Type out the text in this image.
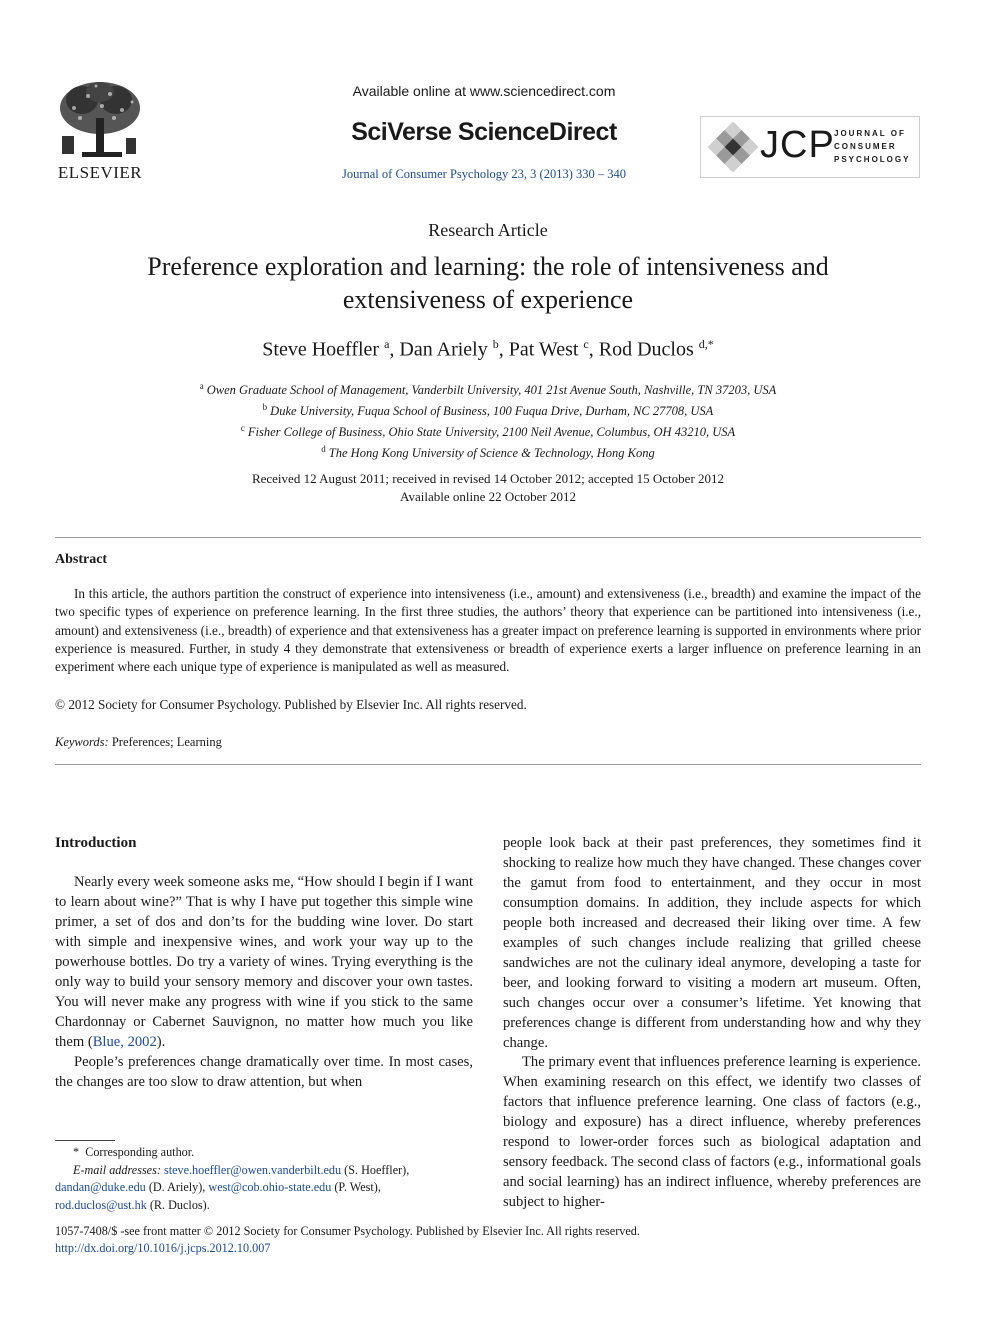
ELSEVIER
Available online at www.sciencedirect.com
SciVerse ScienceDirect
Journal of Consumer Psychology 23, 3 (2013) 330 – 340
JCP JOURNAL OF
CONSUMER
PSYCHOLOGY
Research Article
Preference exploration and learning: the role of intensiveness and extensiveness of experience
Steve Hoeffler $^a$, Dan Ariely $^b$, Pat West $^c$, Rod Duclos $^{d,*}$
$^a$ Owen Graduate School of Management, Vanderbilt University, 401 21st Avenue South, Nashville, TN 37203, USA
$^b$ Duke University, Fuqua School of Business, 100 Fuqua Drive, Durham, NC 27708, USA
$^c$ Fisher College of Business, Ohio State University, 2100 Neil Avenue, Columbus, OH 43210, USA
$^d$ The Hong Kong University of Science & Technology, Hong Kong
Received 12 August 2011; received in revised 14 October 2012; accepted 15 October 2012
Available online 22 October 2012
Abstract
In this article, the authors partition the construct of experience into intensiveness (i.e., amount) and extensiveness (i.e., breadth) and examine the impact of the two specific types of experience on preference learning. In the first three studies, the authors’ theory that experience can be partitioned into intensiveness (i.e., amount) and extensiveness (i.e., breadth) of experience and that extensiveness has a greater impact on preference learning is supported in environments where prior experience is measured. Further, in study 4 they demonstrate that extensiveness or breadth of experience exerts a larger influence on preference learning in an experiment where each unique type of experience is manipulated as well as measured.
© 2012 Society for Consumer Psychology. Published by Elsevier Inc. All rights reserved.
Keywords: Preferences; Learning
Introduction

Nearly every week someone asks me, “How should I begin if I want to learn about wine?” That is why I have put together this simple wine primer, a set of dos and don’ts for the budding wine lover. Do start with simple and inexpensive wines, and work your way up to the powerhouse bottles. Do try a variety of wines. Trying everything is the only way to build your sensory memory and discover your own tastes. You will never make any progress with wine if you stick to the same Chardonnay or Cabernet Sauvignon, no matter how much you like them (Blue, 2002).

People’s preferences change dramatically over time. In most cases, the changes are too slow to draw attention, but when

people look back at their past preferences, they sometimes find it shocking to realize how much they have changed. These changes cover the gamut from food to entertainment, and they occur in most consumption domains. In addition, they include aspects for which people both increased and decreased their liking over time. A few examples of such changes include realizing that grilled cheese sandwiches are not the culinary ideal anymore, developing a taste for beer, and looking forward to visiting a modern art museum. Often, such changes occur over a consumer’s lifetime. Yet knowing that preferences change is different from understanding how and why they change.

The primary event that influences preference learning is experience. When examining research on this effect, we identify two classes of factors that influence preference learning. One class of factors (e.g., biology and exposure) has a direct influence, whereby preferences respond to lower-order forces such as biological adaptation and sensory feedback. The second class of factors (e.g., informational goals and social learning) has an indirect influence, whereby preferences are subject to higher-

*  Corresponding author.
E-mail addresses: steve.hoeffler@owen.vanderbilt.edu (S. Hoeffler),
dandan@duke.edu (D. Ariely), west@cob.ohio-state.edu (P. West),
rod.duclos@ust.hk (R. Duclos).
1057-7408/$ -see front matter © 2012 Society for Consumer Psychology. Published by Elsevier Inc. All rights reserved.
http://dx.doi.org/10.1016/j.jcps.2012.10.007
